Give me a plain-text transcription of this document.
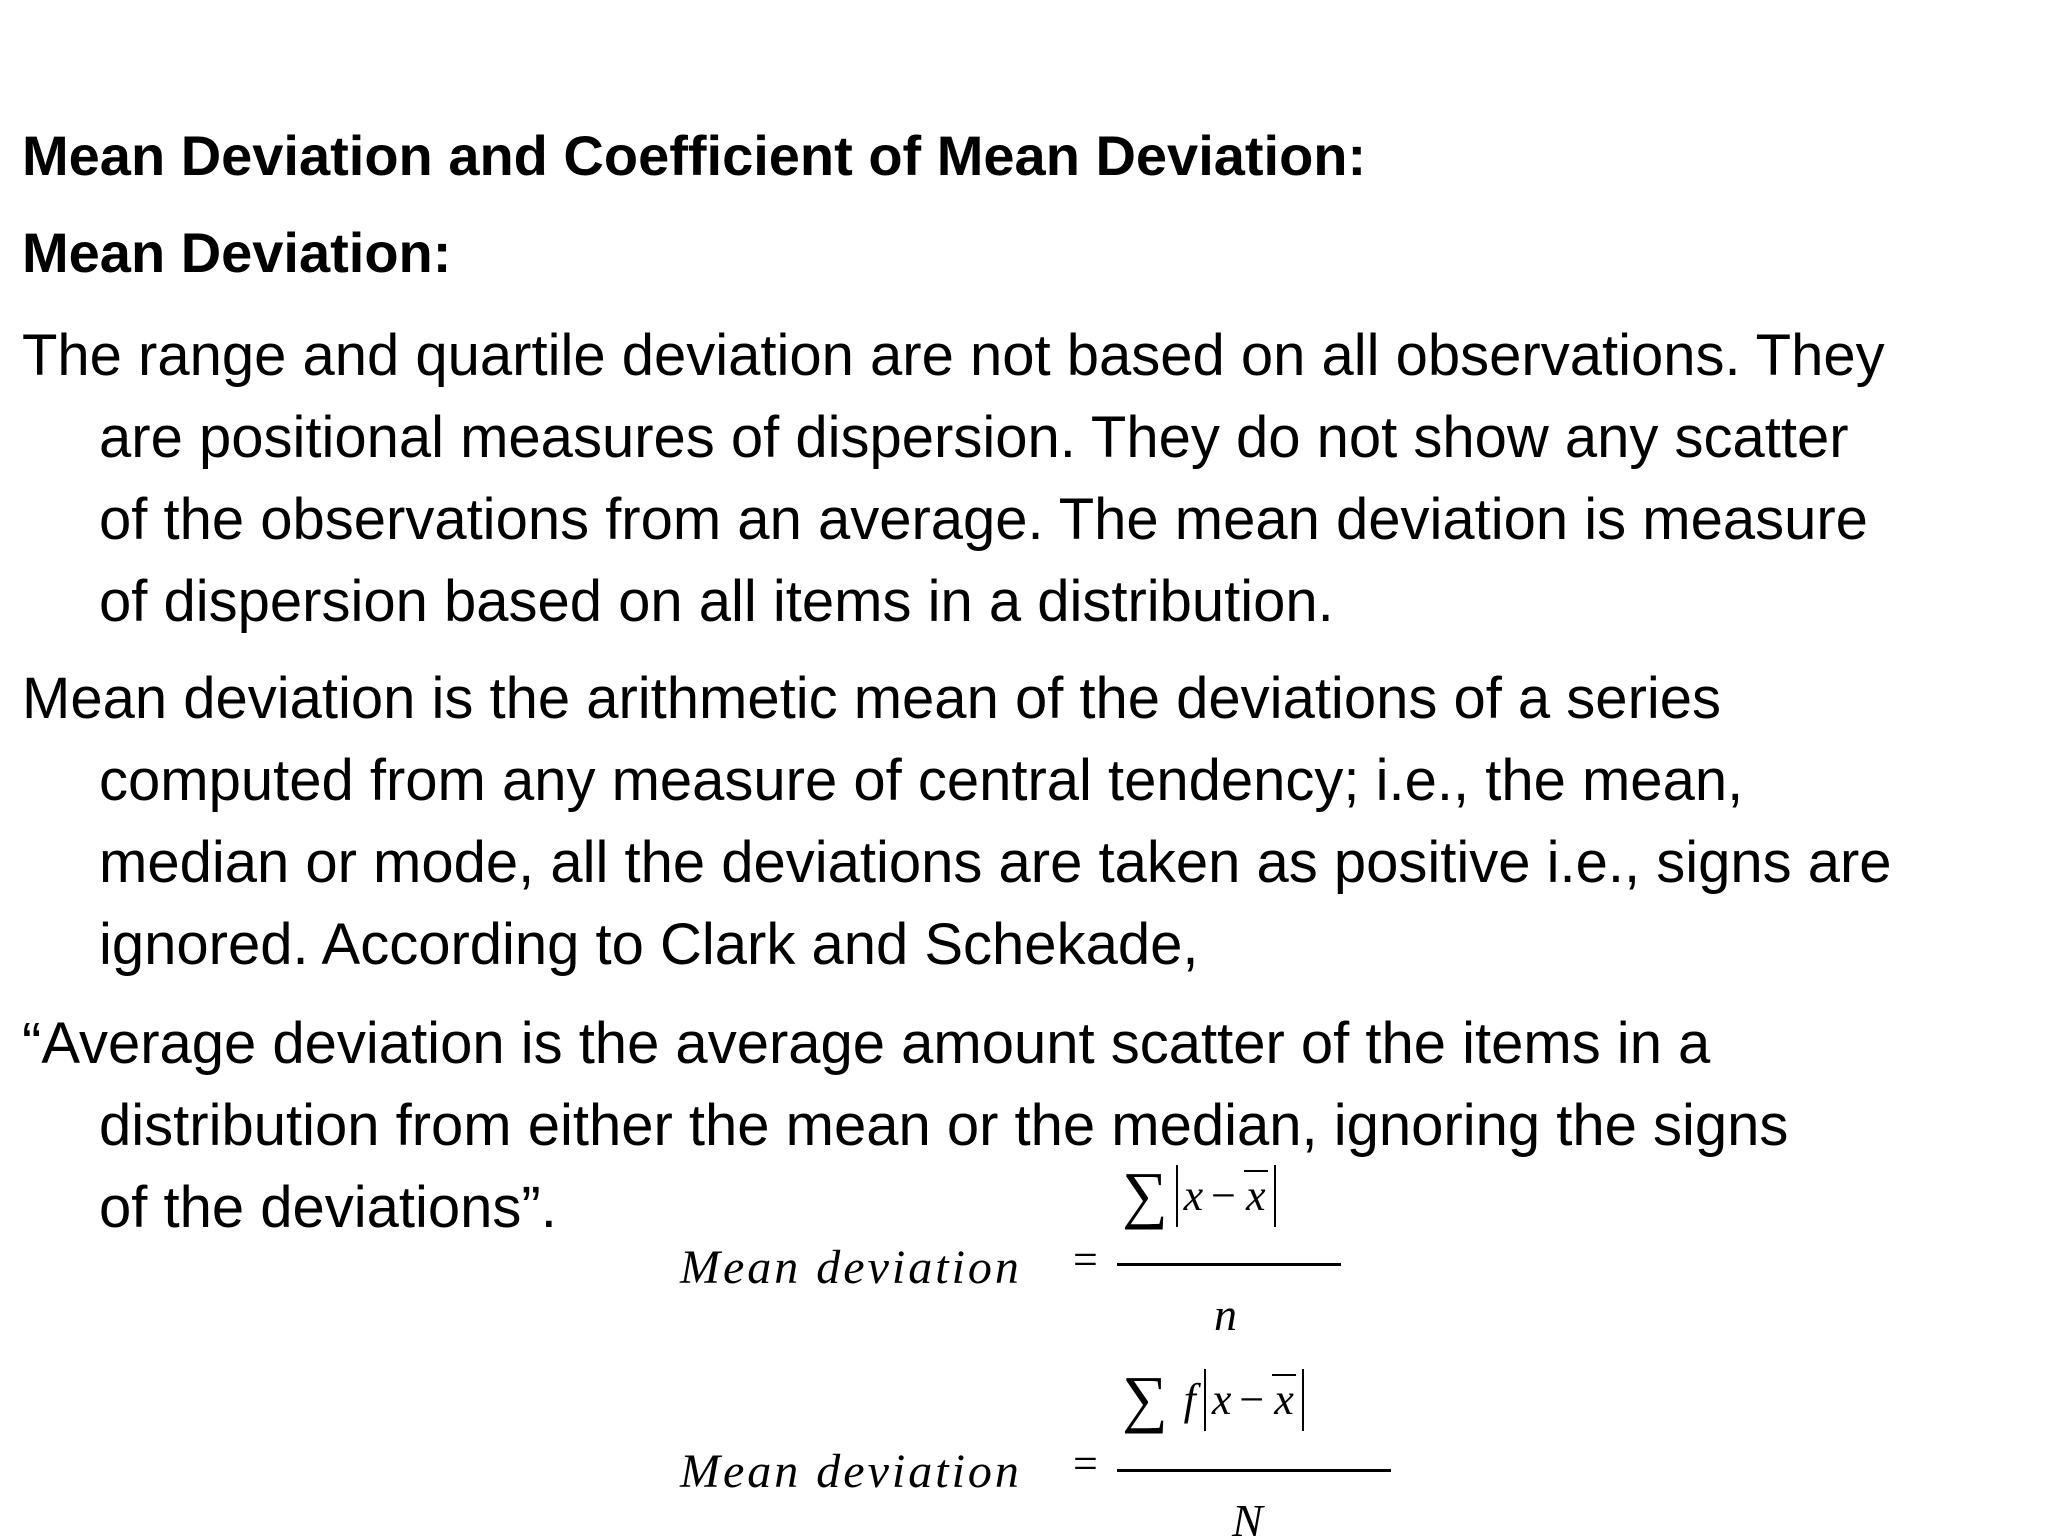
Mean Deviation and Coefficient of Mean Deviation:
Mean Deviation:
The range and quartile deviation are not based on all observations. They
are positional measures of dispersion. They do not show any scatter
of the observations from an average. The mean deviation is measure
of dispersion based on all items in a distribution.
Mean deviation is the arithmetic mean of the deviations of a series
computed from any measure of central tendency; i.e., the mean,
median or mode, all the deviations are taken as positive i.e., signs are
ignored. According to Clark and Schekade,
“Average deviation is the average amount scatter of the items in a
distribution from either the mean or the median, ignoring the signs
of the deviations”.
Mean deviation =
∑ x − x
n
Mean deviation =
∑ f x − x
N
